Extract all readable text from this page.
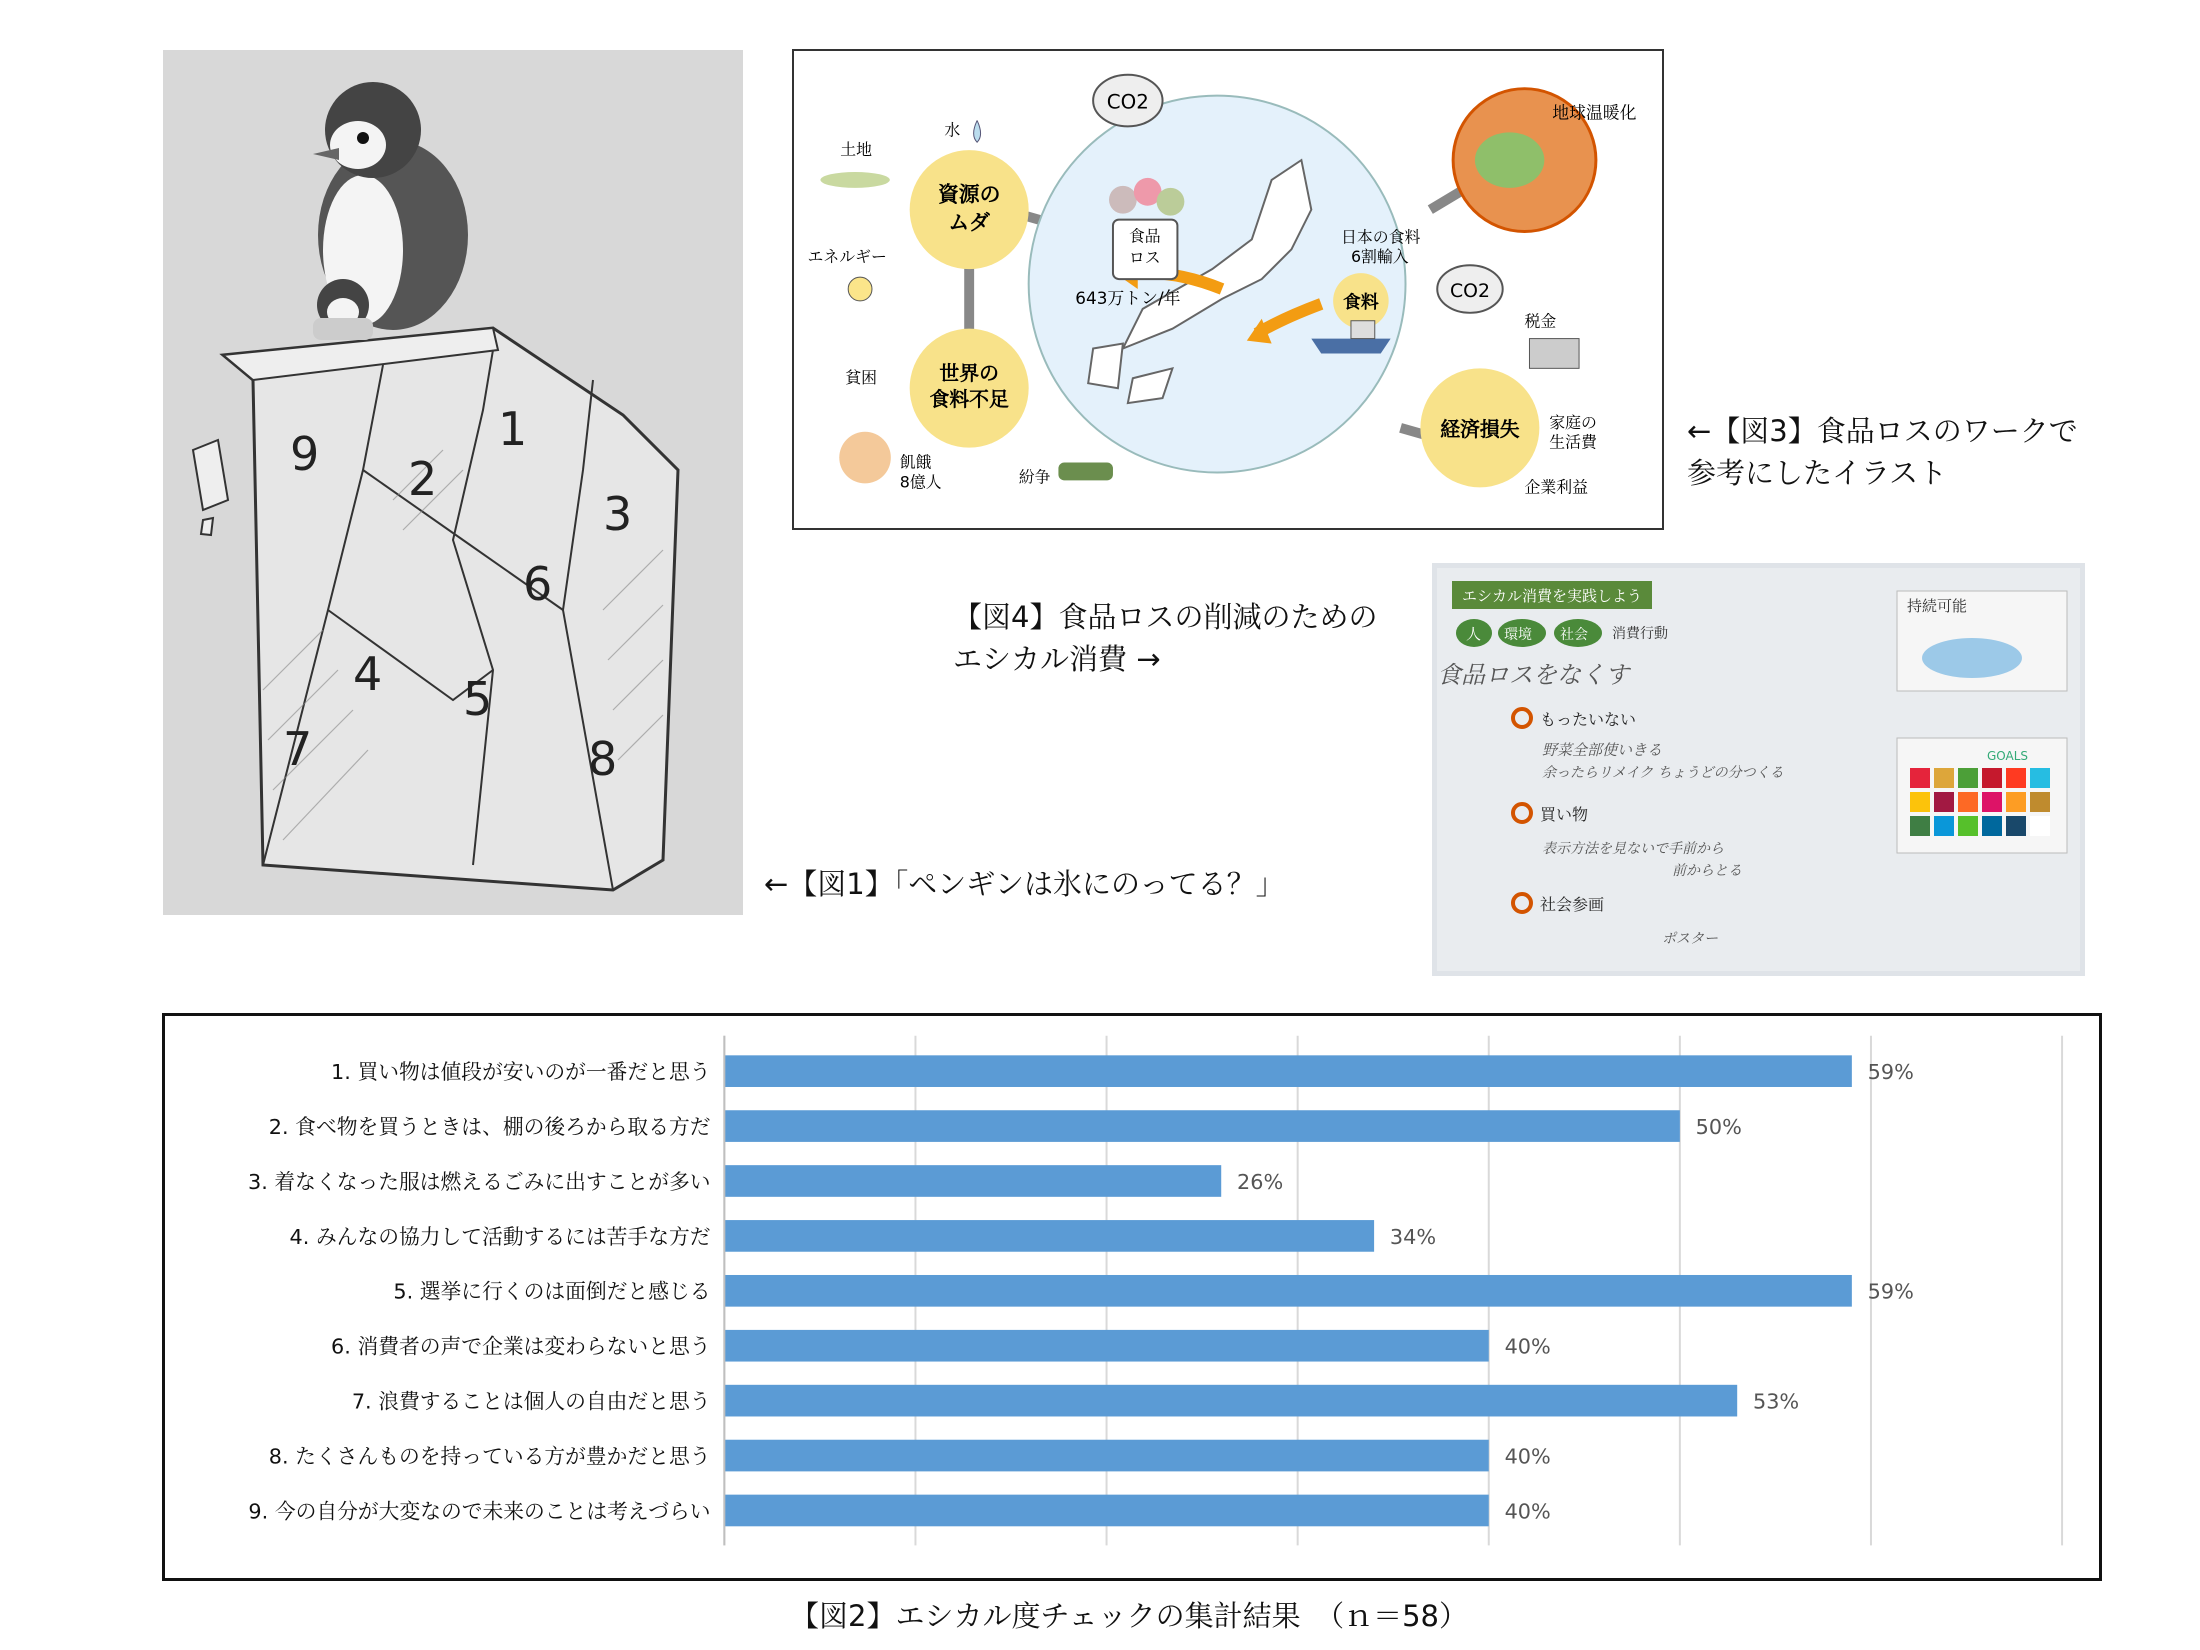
1
2
3
4 5
6
7	8
9
←【図1】「ペンギンは氷にのってる？」
資源の
ムダ
世界の
食料不足
経済損失
食品
ロス
643万トン/年
日本の食料
6割輸入
食料
CO2
CO2
地球温暖化
水
土地
エネルギー
貧困
飢餓
8億人	紛争
税金
家庭の
生活費
企業利益
←【図3】食品ロスのワークで
参考にしたイラスト
【図4】食品ロスの削減のための
エシカル消費 →
エシカル消費を実践しよう
人 環境 社会 消費行動
食品ロスをなくす
もったいない
野菜全部使いきる
余ったらリメイク ちょうどの分つくる
買い物
表示方法を見ないで手前から
前からとる
社会参画
ポスター
持続可能
GOALS
1. 買い物は値段が安いのが一番だと思う	59%
2. 食べ物を買うときは、棚の後ろから取る方だ	50%
3. 着なくなった服は燃えるごみに出すことが多い	26%
4. みんなの協力して活動するには苦手な方だ	34%
5. 選挙に行くのは面倒だと感じる	59%
6. 消費者の声で企業は変わらないと思う	40%
7. 浪費することは個人の自由だと思う	53%
8. たくさんものを持っている方が豊かだと思う	40%
9. 今の自分が大変なので未来のことは考えづらい	40%
【図2】エシカル度チェックの集計結果　（ｎ＝58）
